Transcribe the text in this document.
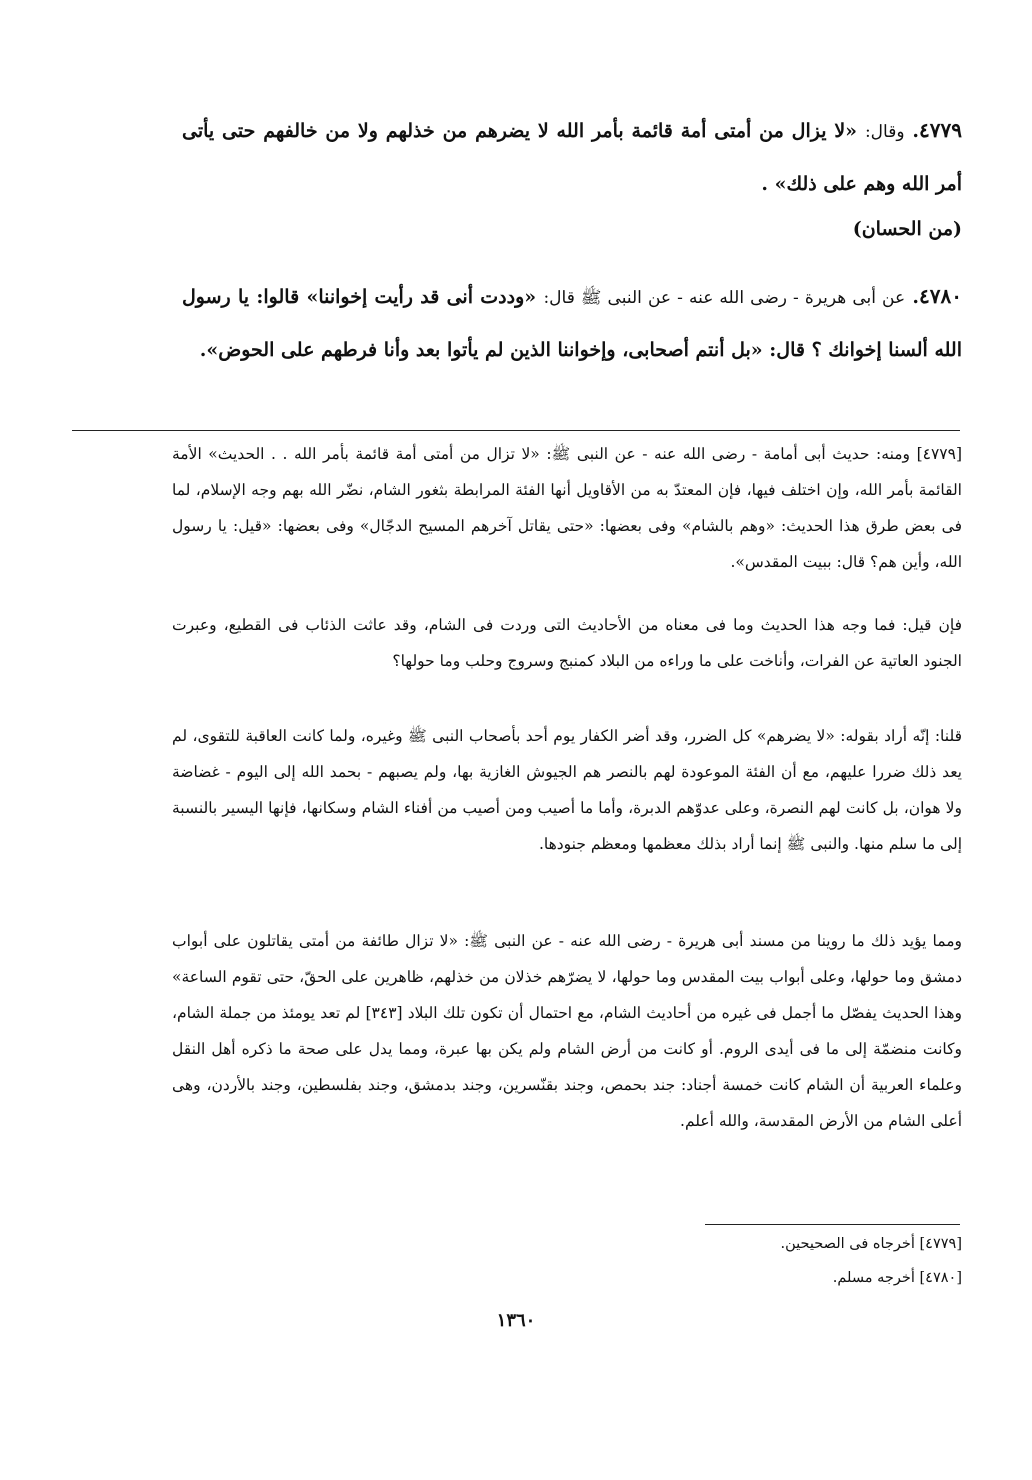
٤٧٧٩. وقال: «لا يزال من أمتى أمة قائمة بأمر الله لا يضرهم من خذلهم ولا من خالفهم حتى يأتى أمر الله وهم على ذلك» .

(من الحسان)

٤٧٨٠. عن أبى هريرة - رضى الله عنه - عن النبى ﷺ قال: «وددت أنى قد رأيت إخواننا» قالوا: يا رسول الله ألسنا إخوانك ؟ قال: «بل أنتم أصحابى، وإخواننا الذين لم يأتوا بعد وأنا فرطهم على الحوض».

[٤٧٧٩] ومنه: حديث أبى أمامة - رضى الله عنه - عن النبى ﷺ: «لا تزال من أمتى أمة قائمة بأمر الله . . الحديث» الأمة القائمة بأمر الله، وإن اختلف فيها، فإن المعتدّ به من الأقاويل أنها الفئة المرابطة بثغور الشام، نضّر الله بهم وجه الإسلام، لما فى بعض طرق هذا الحديث: «وهم بالشام» وفى بعضها: «حتى يقاتل آخرهم المسيح الدجّال» وفى بعضها: «قيل: يا رسول الله، وأين هم؟ قال: ببيت المقدس».

فإن قيل: فما وجه هذا الحديث وما فى معناه من الأحاديث التى وردت فى الشام، وقد عاثت الذئاب فى القطيع، وعبرت الجنود العاتية عن الفرات، وأناخت على ما وراءه من البلاد كمنبج وسروج وحلب وما حولها؟

قلنا: إنّه أراد بقوله: «لا يضرهم» كل الضرر، وقد أضر الكفار يوم أحد بأصحاب النبى ﷺ وغيره، ولما كانت العاقبة للتقوى، لم يعد ذلك ضررا عليهم، مع أن الفئة الموعودة لهم بالنصر هم الجيوش الغازية بها، ولم يصبهم - بحمد الله إلى اليوم - غضاضة ولا هوان، بل كانت لهم النصرة، وعلى عدوّهم الدبرة، وأما ما أصيب ومن أصيب من أفناء الشام وسكانها، فإنها اليسير بالنسبة إلى ما سلم منها. والنبى ﷺ إنما أراد بذلك معظمها ومعظم جنودها.

ومما يؤيد ذلك ما روينا من مسند أبى هريرة - رضى الله عنه - عن النبى ﷺ: «لا تزال طائفة من أمتى يقاتلون على أبواب دمشق وما حولها، وعلى أبواب بيت المقدس وما حولها، لا يضرّهم خذلان من خذلهم، ظاهرين على الحقّ، حتى تقوم الساعة» وهذا الحديث يفصّل ما أجمل فى غيره من أحاديث الشام، مع احتمال أن تكون تلك البلاد [٣٤٣] لم تعد يومئذ من جملة الشام، وكانت منضمّة إلى ما فى أيدى الروم. أو كانت من أرض الشام ولم يكن بها عبرة، ومما يدل على صحة ما ذكره أهل النقل وعلماء العربية أن الشام كانت خمسة أجناد: جند بحمص، وجند بقنّسرين، وجند بدمشق، وجند بفلسطين، وجند بالأردن، وهى أعلى الشام من الأرض المقدسة، والله أعلم.

[٤٧٧٩] أخرجاه فى الصحيحين.

[٤٧٨٠] أخرجه مسلم.

١٣٦٠
